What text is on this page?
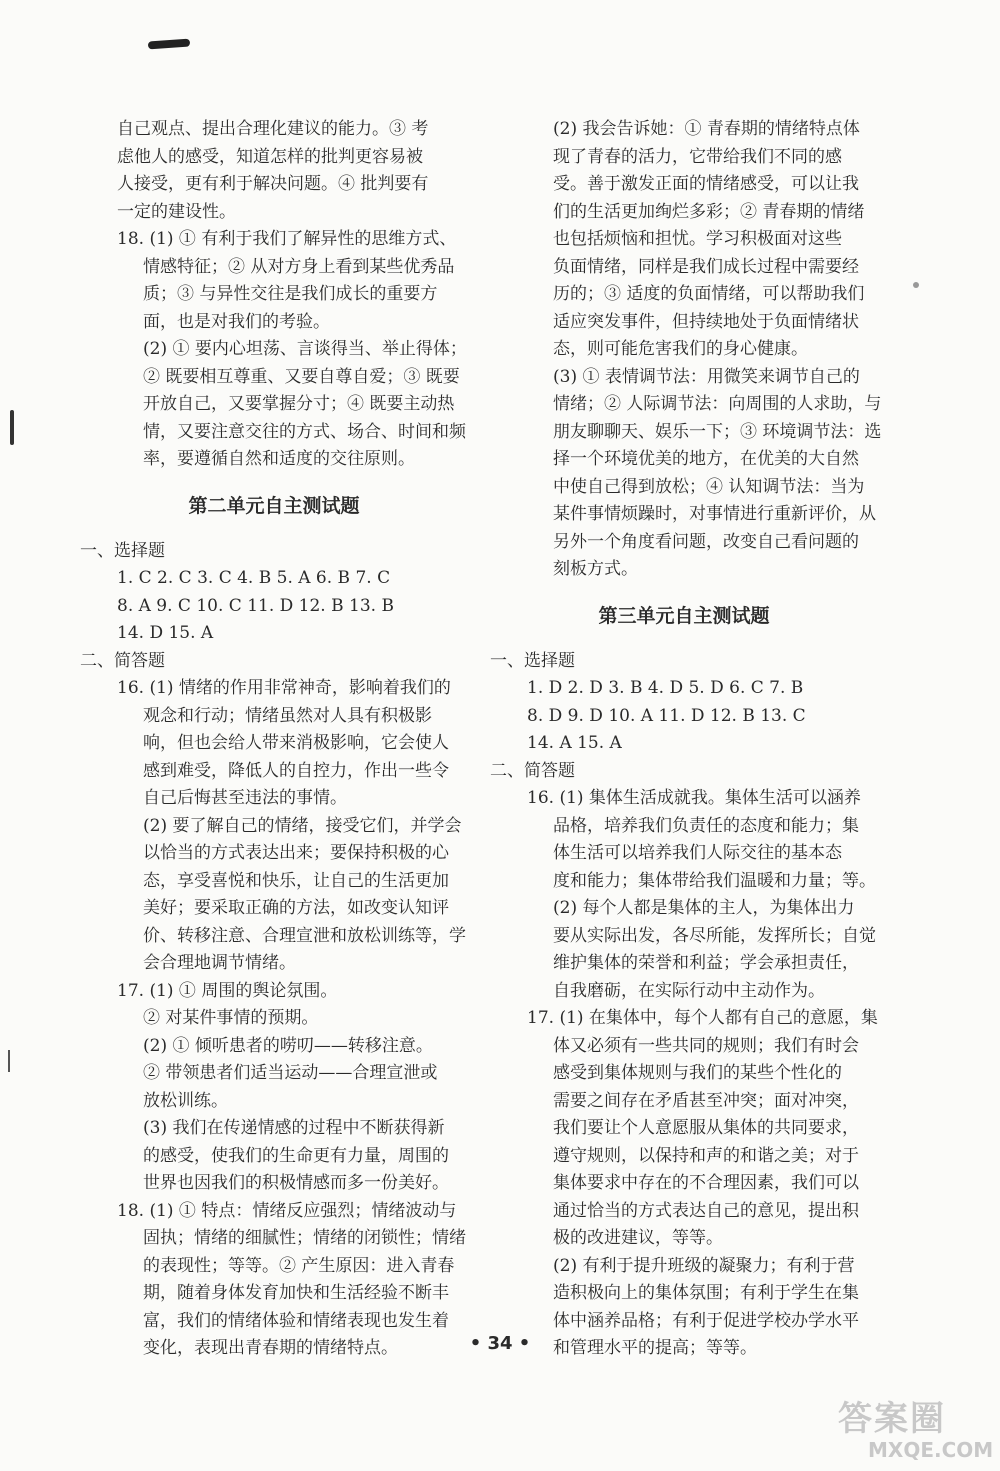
自己观点、提出合理化建议的能力。③ 考
虑他人的感受，知道怎样的批判更容易被
人接受，更有利于解决问题。④ 批判要有
一定的建设性。
18. (1) ① 有利于我们了解异性的思维方式、
情感特征；② 从对方身上看到某些优秀品
质；③ 与异性交往是我们成长的重要方
面，也是对我们的考验。
(2) ① 要内心坦荡、言谈得当、举止得体；
② 既要相互尊重、又要自尊自爱；③ 既要
开放自己，又要掌握分寸；④ 既要主动热
情，又要注意交往的方式、场合、时间和频
率，要遵循自然和适度的交往原则。
第二单元自主测试题
一、选择题
1. C 2. C 3. C 4. B 5. A 6. B 7. C
8. A 9. C 10. C 11. D 12. B 13. B
14. D 15. A
二、简答题
16. (1) 情绪的作用非常神奇，影响着我们的
观念和行动；情绪虽然对人具有积极影
响，但也会给人带来消极影响，它会使人
感到难受，降低人的自控力，作出一些令
自己后悔甚至违法的事情。
(2) 要了解自己的情绪，接受它们，并学会
以恰当的方式表达出来；要保持积极的心
态，享受喜悦和快乐，让自己的生活更加
美好；要采取正确的方法，如改变认知评
价、转移注意、合理宣泄和放松训练等，学
会合理地调节情绪。
17. (1) ① 周围的舆论氛围。
② 对某件事情的预期。
(2) ① 倾听患者的唠叨——转移注意。
② 带领患者们适当运动——合理宣泄或
放松训练。
(3) 我们在传递情感的过程中不断获得新
的感受，使我们的生命更有力量，周围的
世界也因我们的积极情感而多一份美好。
18. (1) ① 特点：情绪反应强烈；情绪波动与
固执；情绪的细腻性；情绪的闭锁性；情绪
的表现性；等等。② 产生原因：进入青春
期，随着身体发育加快和生活经验不断丰
富，我们的情绪体验和情绪表现也发生着
变化，表现出青春期的情绪特点。
(2) 我会告诉她：① 青春期的情绪特点体
现了青春的活力，它带给我们不同的感
受。善于激发正面的情绪感受，可以让我
们的生活更加绚烂多彩；② 青春期的情绪
也包括烦恼和担忧。学习积极面对这些
负面情绪，同样是我们成长过程中需要经
历的；③ 适度的负面情绪，可以帮助我们
适应突发事件，但持续地处于负面情绪状
态，则可能危害我们的身心健康。
(3) ① 表情调节法：用微笑来调节自己的
情绪；② 人际调节法：向周围的人求助，与
朋友聊聊天、娱乐一下；③ 环境调节法：选
择一个环境优美的地方，在优美的大自然
中使自己得到放松；④ 认知调节法：当为
某件事情烦躁时，对事情进行重新评价，从
另外一个角度看问题，改变自己看问题的
刻板方式。
第三单元自主测试题
一、选择题
1. D 2. D 3. B 4. D 5. D 6. C 7. B
8. D 9. D 10. A 11. D 12. B 13. C
14. A 15. A
二、简答题
16. (1) 集体生活成就我。集体生活可以涵养
品格，培养我们负责任的态度和能力；集
体生活可以培养我们人际交往的基本态
度和能力；集体带给我们温暖和力量；等。
(2) 每个人都是集体的主人，为集体出力
要从实际出发，各尽所能，发挥所长；自觉
维护集体的荣誉和利益；学会承担责任，
自我磨砺，在实际行动中主动作为。
17. (1) 在集体中，每个人都有自己的意愿，集
体又必须有一些共同的规则；我们有时会
感受到集体规则与我们的某些个性化的
需要之间存在矛盾甚至冲突；面对冲突，
我们要让个人意愿服从集体的共同要求，
遵守规则，以保持和声的和谐之美；对于
集体要求中存在的不合理因素，我们可以
通过恰当的方式表达自己的意见，提出积
极的改进建议，等等。
(2) 有利于提升班级的凝聚力；有利于营
造积极向上的集体氛围；有利于学生在集
体中涵养品格；有利于促进学校办学水平
和管理水平的提高；等等。
• 34 •
答案圈
MXQE.COM
